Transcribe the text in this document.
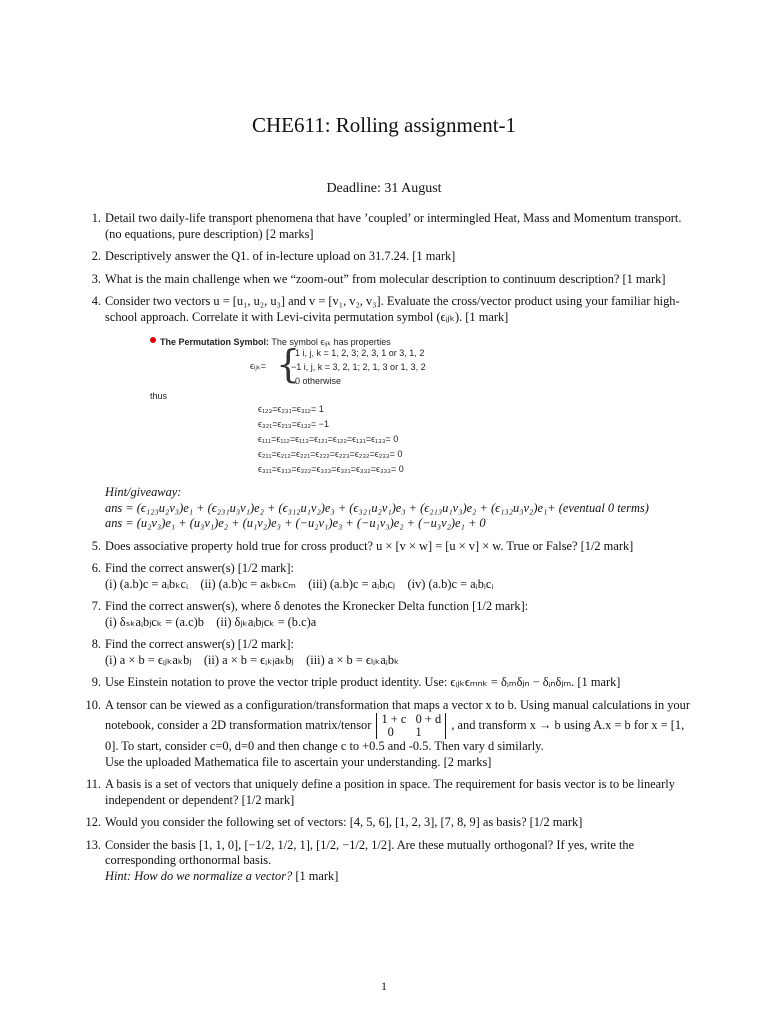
CHE611: Rolling assignment-1
Deadline: 31 August
1. Detail two daily-life transport phenomena that have ’coupled’ or intermingled Heat, Mass and Momentum transport. (no equations, pure description) [2 marks]

2. Descriptively answer the Q1. of in-lecture upload on 31.7.24. [1 mark]

3. What is the main challenge when we “zoom-out” from molecular description to continuum description? [1 mark]

4. Consider two vectors u = [u₁, u₂, u₃] and v = [v₁, v₂, v₃]. Evaluate the cross/vector product using your familiar high-school approach. Correlate it with Levi-civita permutation symbol (ϵᵢⱼₖ). [1 mark]

The Permutation Symbol: The symbol ϵᵢⱼₖ has properties
ϵᵢⱼₖ= {
1 i, j, k = 1, 2, 3; 2, 3, 1 or 3, 1, 2
−1 i, j, k = 3, 2, 1; 2, 1, 3 or 1, 3, 2
0 otherwise
thus
ϵ₁₂₃=ϵ₂₃₁=ϵ₃₁₂= 1
ϵ₃₂₁=ϵ₂₁₃=ϵ₁₃₂= −1
ϵ₁₁₁=ϵ₁₁₂=ϵ₁₁₃=ϵ₁₂₁=ϵ₁₂₂=ϵ₁₃₁=ϵ₁₃₃= 0
ϵ₂₁₁=ϵ₂₁₂=ϵ₂₂₁=ϵ₂₂₂=ϵ₂₂₃=ϵ₂₃₂=ϵ₂₃₃= 0
ϵ₃₁₁=ϵ₃₁₃=ϵ₃₂₂=ϵ₃₂₃=ϵ₃₂₁=ϵ₃₃₂=ϵ₃₃₃= 0

Hint/giveaway:

ans = (ϵ₁₂₃u₂v₃)e₁ + (ϵ₂₃₁u₃v₁)e₂ + (ϵ₃₁₂u₁v₂)e₃ + (ϵ₃₂₁u₂v₁)e₃ + (ϵ₂₁₃u₁v₃)e₂ + (ϵ₁₃₂u₃v₂)e₁+ (eventual 0 terms)

ans = (u₂v₃)e₁ + (u₃v₁)e₂ + (u₁v₂)e₃ + (−u₂v₁)e₃ + (−u₁v₃)e₂ + (−u₃v₂)e₁ + 0

5. Does associative property hold true for cross product? u × [v × w] = [u × v] × w. True or False? [1/2 mark]

6. Find the correct answer(s) [1/2 mark]:

(i) (a.b)c = aᵢbₖcᵢ    (ii) (a.b)c = aₖbₖcₘ    (iii) (a.b)c = aᵢbᵢcⱼ    (iv) (a.b)c = aᵢbᵢcᵢ

7. Find the correct answer(s), where δ denotes the Kronecker Delta function [1/2 mark]:

(i) δₛₖaᵢbⱼcₖ = (a.c)b    (ii) δⱼₖaᵢbⱼcₖ = (b.c)a

8. Find the correct answer(s) [1/2 mark]:

(i) a × b = ϵᵢⱼₖaₖbⱼ    (ii) a × b = ϵᵢₖⱼaₖbⱼ    (iii) a × b = ϵₗᵢₖaᵢbₖ

9. Use Einstein notation to prove the vector triple product identity. Use: ϵᵢⱼₖϵₘₙₖ = δᵢₘδⱼₙ − δᵢₙδⱼₘ. [1 mark]

10. A tensor can be viewed as a configuration/transformation that maps a vector x to b. Using manual calculations in your notebook, consider a 2D transformation matrix/tensor 1 + c   0 + d
0       1
, and transform x → b using A.x = b for x = [1, 0]. To start, consider c=0, d=0 and then change c to +0.5 and -0.5. Then vary d similarly.

Use the uploaded Mathematica file to ascertain your understanding. [2 marks]

11. A basis is a set of vectors that uniquely define a position in space. The requirement for basis vector is to be linearly independent or dependent? [1/2 mark]

12. Would you consider the following set of vectors: [4, 5, 6], [1, 2, 3], [7, 8, 9] as basis? [1/2 mark]

13. Consider the basis [1, 1, 0], [−1/2, 1/2, 1], [1/2, −1/2, 1/2]. Are these mutually orthogonal? If yes, write the corresponding orthonormal basis.

Hint: How do we normalize a vector? [1 mark]

1
